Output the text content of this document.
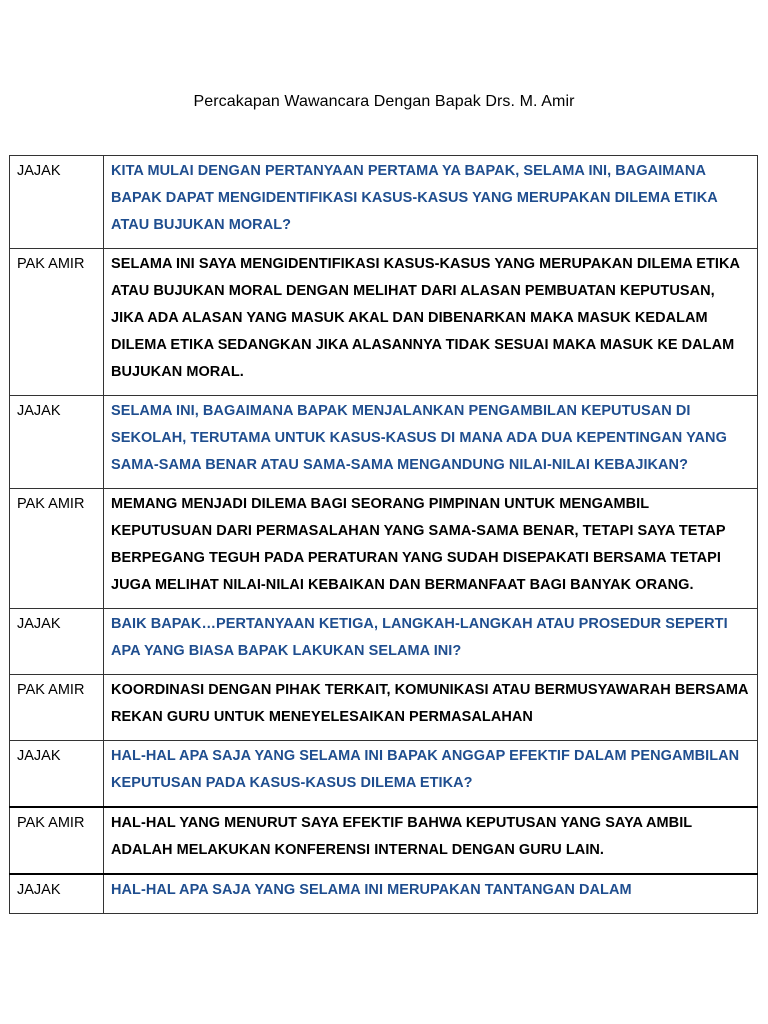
Percakapan Wawancara Dengan Bapak Drs. M. Amir
JAJAK	KITA MULAI DENGAN PERTANYAAN PERTAMA YA BAPAK, SELAMA INI, BAGAIMANA BAPAK DAPAT MENGIDENTIFIKASI KASUS-KASUS YANG MERUPAKAN DILEMA ETIKA ATAU BUJUKAN MORAL?
PAK AMIR	SELAMA INI SAYA MENGIDENTIFIKASI KASUS-KASUS YANG MERUPAKAN DILEMA ETIKA ATAU BUJUKAN MORAL DENGAN MELIHAT DARI ALASAN PEMBUATAN KEPUTUSAN, JIKA ADA ALASAN YANG MASUK AKAL DAN DIBENARKAN MAKA MASUK KEDALAM DILEMA ETIKA SEDANGKAN JIKA ALASANNYA TIDAK SESUAI MAKA MASUK KE DALAM BUJUKAN MORAL.
JAJAK	SELAMA INI, BAGAIMANA BAPAK MENJALANKAN PENGAMBILAN KEPUTUSAN DI SEKOLAH, TERUTAMA UNTUK KASUS-KASUS DI MANA ADA DUA KEPENTINGAN YANG SAMA-SAMA BENAR ATAU SAMA-SAMA MENGANDUNG NILAI-NILAI KEBAJIKAN?
PAK AMIR	MEMANG MENJADI DILEMA BAGI SEORANG PIMPINAN UNTUK MENGAMBIL KEPUTUSUAN DARI PERMASALAHAN YANG SAMA-SAMA BENAR, TETAPI SAYA TETAP BERPEGANG TEGUH PADA PERATURAN YANG SUDAH DISEPAKATI BERSAMA TETAPI JUGA MELIHAT NILAI-NILAI KEBAIKAN DAN BERMANFAAT BAGI BANYAK ORANG.
JAJAK	BAIK BAPAK…PERTANYAAN KETIGA, LANGKAH-LANGKAH ATAU PROSEDUR SEPERTI APA YANG BIASA BAPAK LAKUKAN SELAMA INI?
PAK AMIR	KOORDINASI DENGAN PIHAK TERKAIT, KOMUNIKASI ATAU BERMUSYAWARAH BERSAMA REKAN GURU UNTUK MENEYELESAIKAN PERMASALAHAN
JAJAK	HAL-HAL APA SAJA YANG SELAMA INI BAPAK ANGGAP EFEKTIF DALAM PENGAMBILAN KEPUTUSAN PADA KASUS-KASUS DILEMA ETIKA?
PAK AMIR	HAL-HAL YANG MENURUT SAYA EFEKTIF BAHWA KEPUTUSAN YANG SAYA AMBIL ADALAH MELAKUKAN KONFERENSI INTERNAL DENGAN GURU LAIN.
JAJAK	HAL-HAL APA SAJA YANG SELAMA INI MERUPAKAN TANTANGAN DALAM
